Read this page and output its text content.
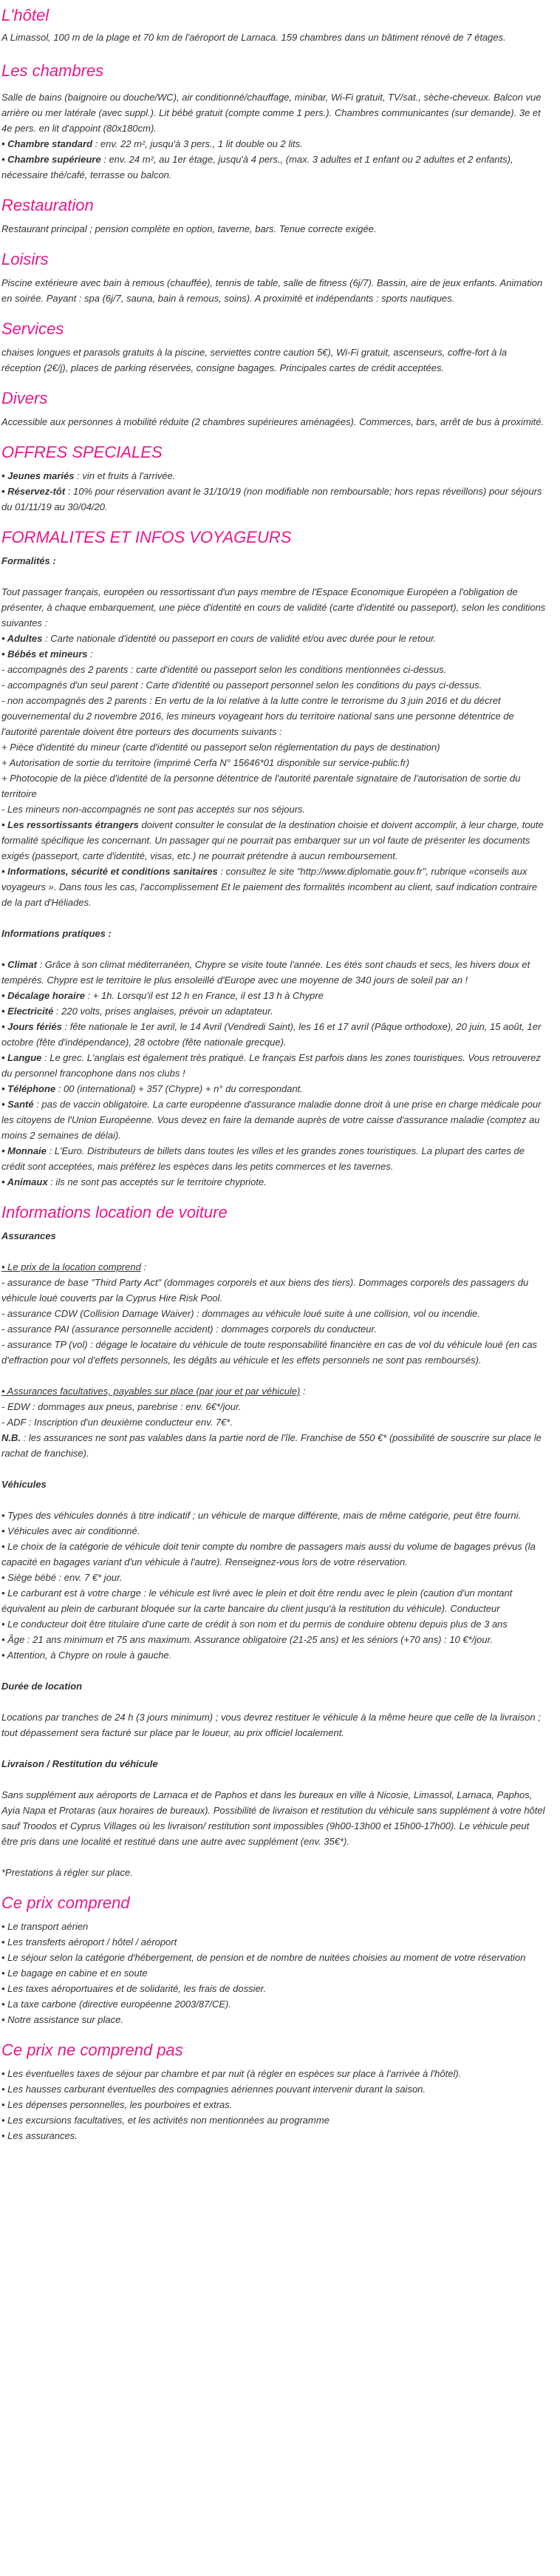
L'hôtel

A Limassol, 100 m de la plage et 70 km de l'aéroport de Larnaca. 159 chambres dans un bâtiment rénové de 7 étages.

Les chambres

Salle de bains (baignoire ou douche/WC), air conditionné/chauffage, minibar, Wi-Fi gratuit, TV/sat., sèche-cheveux. Balcon vue arrière ou mer latérale (avec suppl.). Lit bébé gratuit (compte comme 1 pers.). Chambres communicantes (sur demande). 3e et 4e pers. en lit d'appoint (80x180cm).

• Chambre standard : env. 22 m², jusqu'à 3 pers., 1 lit double ou 2 lits.

• Chambre supérieure : env. 24 m², au 1er étage, jusqu'à 4 pers., (max. 3 adultes et 1 enfant ou 2 adultes et 2 enfants), nécessaire thé/café, terrasse ou balcon.

Restauration

Restaurant principal ; pension complète en option, taverne, bars. Tenue correcte exigée.

Loisirs

Piscine extérieure avec bain à remous (chauffée), tennis de table, salle de fitness (6j/7). Bassin, aire de jeux enfants. Animation en soirée. Payant : spa (6j/7, sauna, bain à remous, soins). A proximité et indépendants : sports nautiques.

Services

chaises longues et parasols gratuits à la piscine, serviettes contre caution 5€), Wi-Fi gratuit, ascenseurs, coffre-fort à la réception (2€/j), places de parking réservées, consigne bagages. Principales cartes de crédit acceptées.

Divers

Accessible aux personnes à mobilité réduite (2 chambres supérieures aménagées). Commerces, bars, arrêt de bus à proximité.

OFFRES SPECIALES

• Jeunes mariés : vin et fruits à l'arrivée.

• Réservez-tôt : 10% pour réservation avant le 31/10/19 (non modifiable non remboursable; hors repas réveillons) pour séjours du 01/11/19 au 30/04/20.

FORMALITES ET INFOS VOYAGEURS

Formalités :

Tout passager français, européen ou ressortissant d'un pays membre de l'Espace Economique Européen a l'obligation de présenter, à chaque embarquement, une pièce d'identité en cours de validité (carte d'identité ou passeport), selon les conditions suivantes :

• Adultes : Carte nationale d'identité ou passeport en cours de validité et/ou avec durée pour le retour.

• Bébés et mineurs :

- accompagnés des 2 parents : carte d'identité ou passeport selon les conditions mentionnées ci-dessus.

- accompagnés d'un seul parent : Carte d'identité ou passeport personnel selon les conditions du pays ci-dessus.

- non accompagnés des 2 parents : En vertu de la loi relative à la lutte contre le terrorisme du 3 juin 2016 et du décret gouvernemental du 2 novembre 2016, les mineurs voyageant hors du territoire national sans une personne détentrice de l'autorité parentale doivent être porteurs des documents suivants :

+ Pièce d'identité du mineur (carte d'identité ou passeport selon réglementation du pays de destination)

+ Autorisation de sortie du territoire (imprimé Cerfa N° 15646*01 disponible sur service-public.fr)

+ Photocopie de la pièce d'identité de la personne détentrice de l'autorité parentale signataire de l'autorisation de sortie du territoire

- Les mineurs non-accompagnés ne sont pas acceptés sur nos séjours.

• Les ressortissants étrangers doivent consulter le consulat de la destination choisie et doivent accomplir, à leur charge, toute formalité spécifique les concernant. Un passager qui ne pourrait pas embarquer sur un vol faute de présenter les documents exigés (passeport, carte d'identité, visas, etc.) ne pourrait prétendre à aucun remboursement.

• Informations, sécurité et conditions sanitaires : consultez le site "http://www.diplomatie.gouv.fr", rubrique «conseils aux voyageurs ». Dans tous les cas, l'accomplissement Et le paiement des formalités incombent au client, sauf indication contraire de la part d'Héliades.

Informations pratiques :

• Climat : Grâce à son climat méditerranéen, Chypre se visite toute l'année. Les étés sont chauds et secs, les hivers doux et tempérés. Chypre est le territoire le plus ensoleillé d'Europe avec une moyenne de 340 jours de soleil par an !

• Décalage horaire : + 1h. Lorsqu'il est 12 h en France, il est 13 h à Chypre

• Electricité : 220 volts, prises anglaises, prévoir un adaptateur.

• Jours fériés : fête nationale le 1er avril, le 14 Avril (Vendredi Saint), les 16 et 17 avril (Pâque orthodoxe), 20 juin, 15 août, 1er octobre (fête d'indépendance), 28 octobre (fête nationale grecque).

• Langue : Le grec. L'anglais est également très pratiqué. Le français Est parfois dans les zones touristiques. Vous retrouverez du personnel francophone dans nos clubs !

• Téléphone : 00 (international) + 357 (Chypre) + n° du correspondant.

• Santé : pas de vaccin obligatoire. La carte européenne d'assurance maladie donne droit à une prise en charge médicale pour les citoyens de l'Union Européenne. Vous devez en faire la demande auprès de votre caisse d'assurance maladie (comptez au moins 2 semaines de délai).

• Monnaie : L'Euro. Distributeurs de billets dans toutes les villes et les grandes zones touristiques. La plupart des cartes de crédit sont acceptées, mais préférez les espèces dans les petits commerces et les tavernes.

• Animaux : ils ne sont pas acceptés sur le territoire chypriote.

Informations location de voiture

Assurances

• Le prix de la location comprend :

- assurance de base "Third Party Act" (dommages corporels et aux biens des tiers). Dommages corporels des passagers du véhicule loué couverts par la Cyprus Hire Risk Pool.

- assurance CDW (Collision Damage Waiver) : dommages au véhicule loué suite à une collision, vol ou incendie.

- assurance PAI (assurance personnelle accident) : dommages corporels du conducteur.

- assurance TP (vol) : dégage le locataire du véhicule de toute responsabilité financière en cas de vol du véhicule loué (en cas d'effraction pour vol d'effets personnels, les dégâts au véhicule et les effets personnels ne sont pas remboursés).

• Assurances facultatives, payables sur place (par jour et par véhicule) :

- EDW : dommages aux pneus, parebrise : env. 6€*/jour.

- ADF : Inscription d'un deuxième conducteur env. 7€*.

N.B. : les assurances ne sont pas valables dans la partie nord de l'île. Franchise de 550 €* (possibilité de souscrire sur place le rachat de franchise).

Véhicules

• Types des véhicules donnés à titre indicatif ; un véhicule de marque différente, mais de même catégorie, peut être fourni.

• Véhicules avec air conditionné.

• Le choix de la catégorie de véhicule doit tenir compte du nombre de passagers mais aussi du volume de bagages prévus (la capacité en bagages variant d'un véhicule à l'autre). Renseignez-vous lors de votre réservation.

• Siège bébé : env. 7 €* jour.

• Le carburant est à votre charge : le véhicule est livré avec le plein et doit être rendu avec le plein (caution d'un montant équivalent au plein de carburant bloquée sur la carte bancaire du client jusqu'à la restitution du véhicule). Conducteur

• Le conducteur doit être titulaire d'une carte de crédit à son nom et du permis de conduire obtenu depuis plus de 3 ans

• Âge : 21 ans minimum et 75 ans maximum. Assurance obligatoire (21-25 ans) et les séniors (+70 ans) : 10 €*/jour.

• Attention, à Chypre on roule à gauche.

Durée de location

Locations par tranches de 24 h (3 jours minimum) ; vous devrez restituer le véhicule à la même heure que celle de la livraison ; tout dépassement sera facturé sur place par le loueur, au prix officiel localement.

Livraison / Restitution du véhicule

Sans supplément aux aéroports de Larnaca et de Paphos et dans les bureaux en ville à Nicosie, Limassol, Larnaca, Paphos, Ayia Napa et Protaras (aux horaires de bureaux). Possibilité de livraison et restitution du véhicule sans supplément à votre hôtel sauf Troodos et Cyprus Villages où les livraison/ restitution sont impossibles (9h00-13h00 et 15h00-17h00). Le véhicule peut être pris dans une localité et restitué dans une autre avec supplément (env. 35€*).

*Prestations à régler sur place.

Ce prix comprend

• Le transport aérien

• Les transferts aéroport / hôtel / aéroport

• Le séjour selon la catégorie d'hébergement, de pension et de nombre de nuitées choisies au moment de votre réservation

• Le bagage en cabine et en soute

• Les taxes aéroportuaires et de solidarité, les frais de dossier.

• La taxe carbone (directive européenne 2003/87/CE).

• Notre assistance sur place.

Ce prix ne comprend pas

• Les éventuelles taxes de séjour par chambre et par nuit (à régler en espèces sur place à l'arrivée à l'hôtel).

• Les hausses carburant éventuelles des compagnies aériennes pouvant intervenir durant la saison.

• Les dépenses personnelles, les pourboires et extras.

• Les excursions facultatives, et les activités non mentionnées au programme

• Les assurances.
